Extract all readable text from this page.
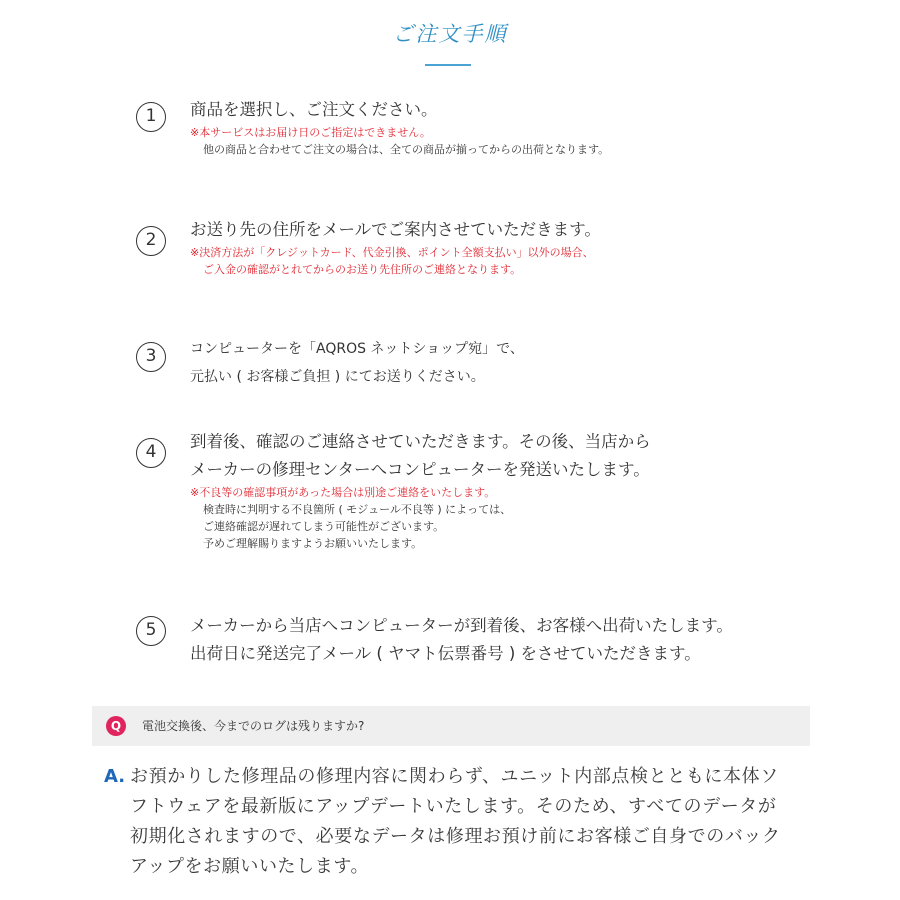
ご注文手順
1	商品を選択し、ご注文ください。
※本サービスはお届け日のご指定はできません。
他の商品と合わせてご注文の場合は、全ての商品が揃ってからの出荷となります。
2
お送り先の住所をメールでご案内させていただきます。
※決済方法が「クレジットカード、代金引換、ポイント全額支払い」以外の場合、
ご入金の確認がとれてからのお送り先住所のご連絡となります。
3	コンピューターを「AQROS ネットショップ宛」で、
元払い ( お客様ご負担 ) にてお送りください。
4
到着後、確認のご連絡させていただきます。その後、当店から
メーカーの修理センターへコンピューターを発送いたします。
※不良等の確認事項があった場合は別途ご連絡をいたします。
検査時に判明する不良箇所 ( モジュール不良等 ) によっては、
ご連絡確認が遅れてしまう可能性がございます。
予めご理解賜りますようお願いいたします。
5	メーカーから当店へコンピューターが到着後、お客様へ出荷いたします。
出荷日に発送完了メール ( ヤマト伝票番号 ) をさせていただきます。
Q	電池交換後、今までのログは残りますか?
A. お預かりした修理品の修理内容に関わらず、ユニット内部点検とともに本体ソ
フトウェアを最新版にアップデートいたします。そのため、すべてのデータが
初期化されますので、必要なデータは修理お預け前にお客様ご自身でのバック
アップをお願いいたします。
